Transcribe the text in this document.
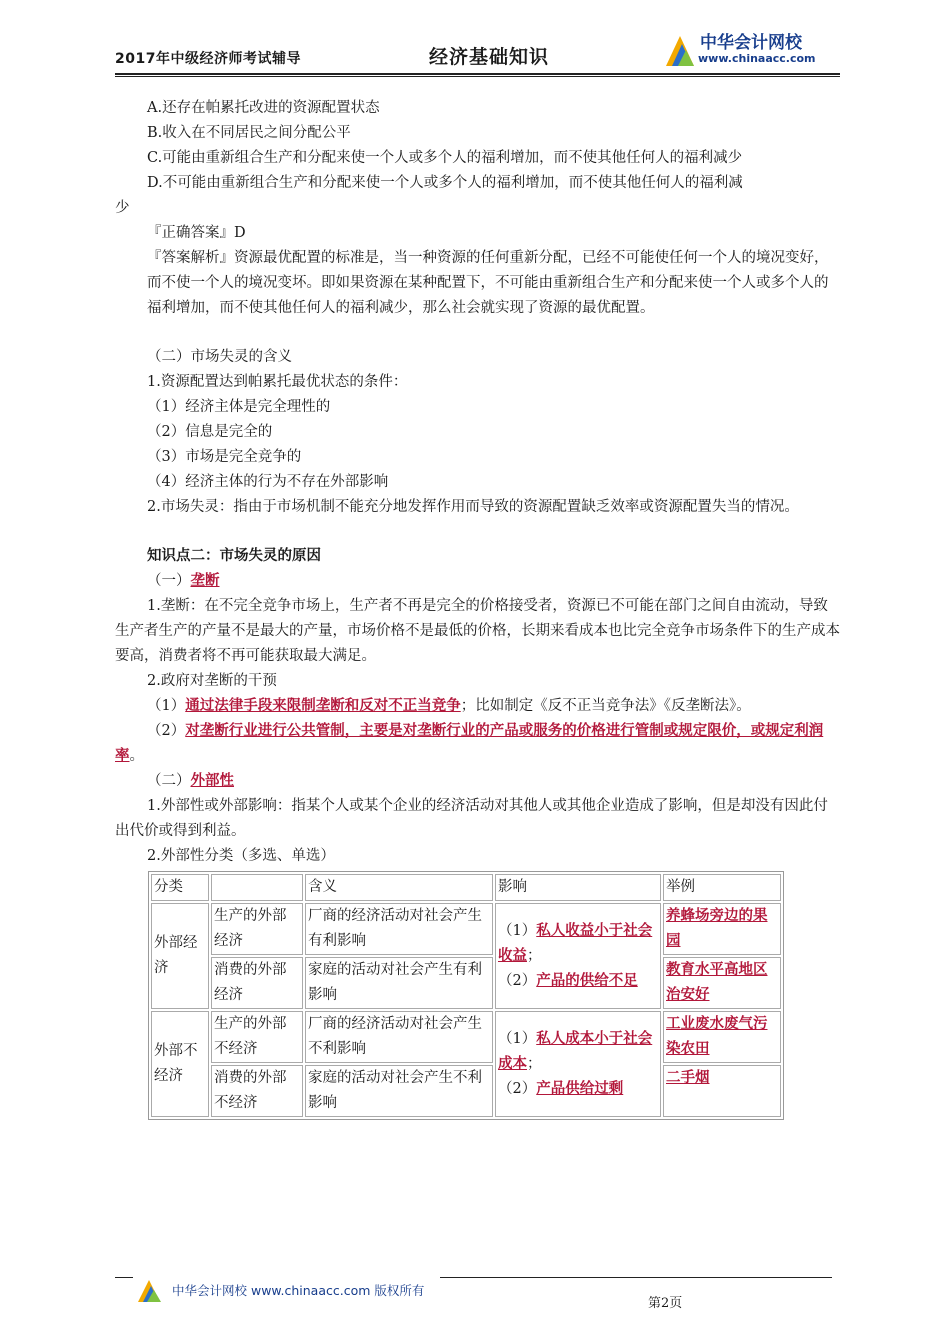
2017年中级经济师考试辅导	经济基础知识
中华会计网校
www.chinaacc.com

A.还存在帕累托改进的资源配置状态

B.收入在不同居民之间分配公平

C.可能由重新组合生产和分配来使一个人或多个人的福利增加，而不使其他任何人的福利减少

D.不可能由重新组合生产和分配来使一个人或多个人的福利增加，而不使其他任何人的福利减

少

『正确答案』D

『答案解析』资源最优配置的标准是，当一种资源的任何重新分配，已经不可能使任何一个人的境况变好，而不使一个人的境况变坏。即如果资源在某种配置下，不可能由重新组合生产和分配来使一个人或多个人的福利增加，而不使其他任何人的福利减少，那么社会就实现了资源的最优配置。

（二）市场失灵的含义

1.资源配置达到帕累托最优状态的条件：

（1）经济主体是完全理性的

（2）信息是完全的

（3）市场是完全竞争的

（4）经济主体的行为不存在外部影响

2.市场失灵：指由于市场机制不能充分地发挥作用而导致的资源配置缺乏效率或资源配置失当的情况。

知识点二：市场失灵的原因

（一）垄断

1.垄断：在不完全竞争市场上，生产者不再是完全的价格接受者，资源已不可能在部门之间自由流动，导致生产者生产的产量不是最大的产量，市场价格不是最低的价格，长期来看成本也比完全竞争市场条件下的生产成本要高，消费者将不再可能获取最大满足。

2.政府对垄断的干预

（1）通过法律手段来限制垄断和反对不正当竞争；比如制定《反不正当竞争法》《反垄断法》。

（2）对垄断行业进行公共管制，主要是对垄断行业的产品或服务的价格进行管制或规定限价，或规定利润率。

（二）外部性

1.外部性或外部影响：指某个人或某个企业的经济活动对其他人或其他企业造成了影响，但是却没有因此付出代价或得到利益。

2.外部性分类（多选、单选）

分类		含义	影响	举例
外部经济	生产的外部经济	厂商的经济活动对社会产生有利影响	（1）私人收益小于社会收益；
（2）产品的供给不足	养蜂场旁边的果园
	消费的外部经济	家庭的活动对社会产生有利影响		教育水平高地区治安好
外部不经济	生产的外部不经济	厂商的经济活动对社会产生不利影响	（1）私人成本小于社会成本；
（2）产品供给过剩	工业废水废气污染农田
	消费的外部不经济	家庭的活动对社会产生不利影响		二手烟
中华会计网校 www.chinaacc.com 版权所有
第2页
